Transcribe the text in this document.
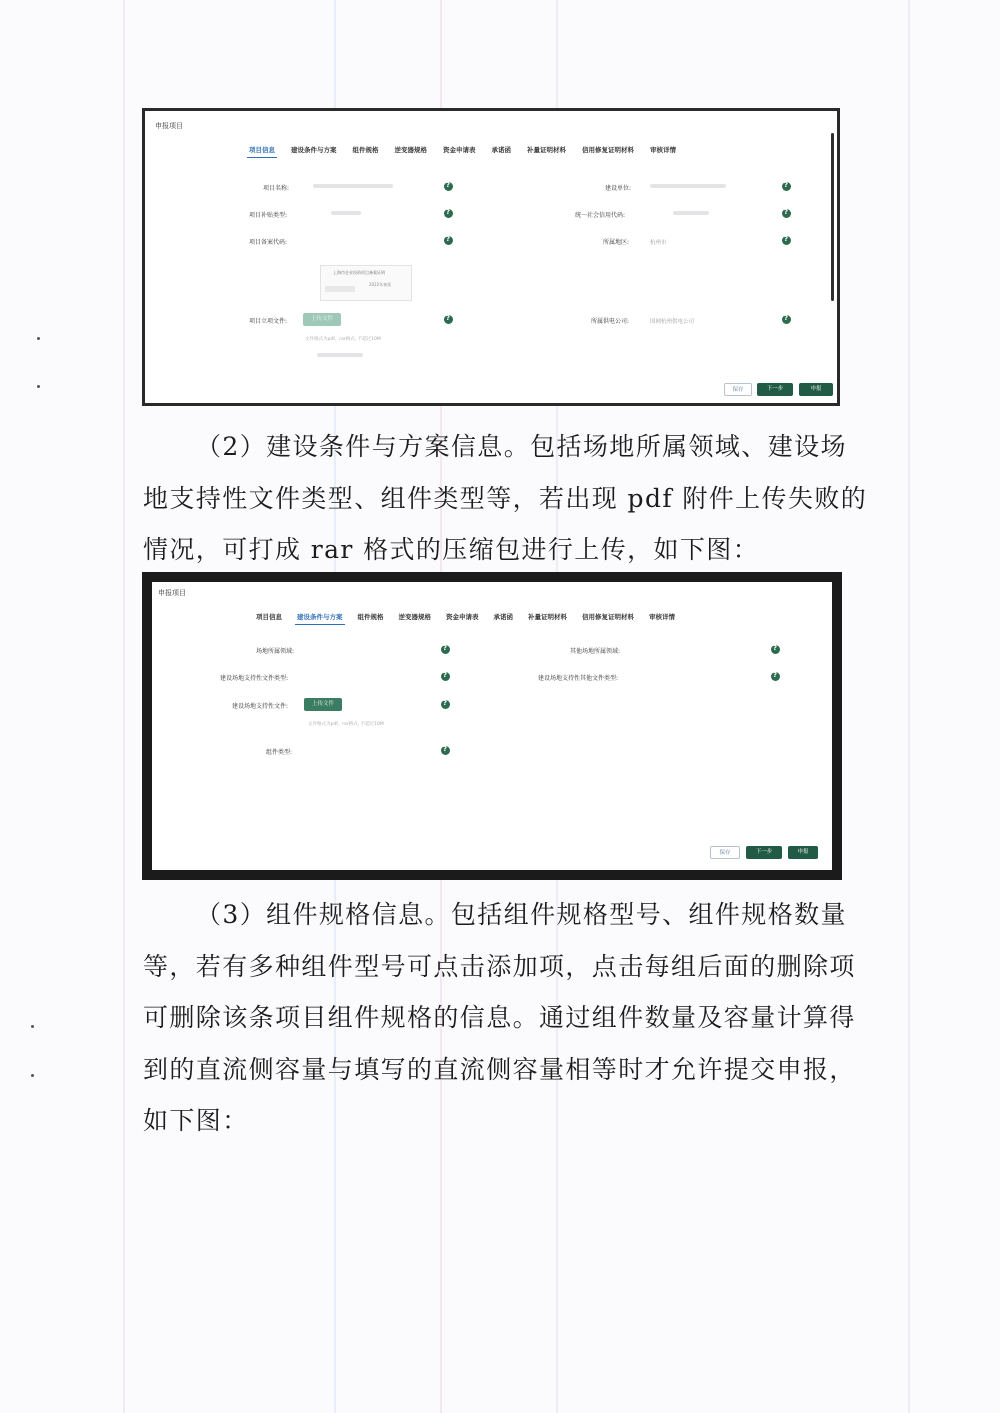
申报项目
项目信息 建设条件与方案 组件规格 逆变器规格 资金申请表 承诺函 补量证明材料 信用修复证明材料 审核详情
项目名称:
?
项目补贴类型:
?
项目备案代码:
?
上海市企业投资项目备案证明
2022年备案
项目立项文件:	上传文件
?
文件格式为pdf、rar格式, 不超过10M
建设单位:
?
统一社会信用代码:
?
所属地区:	杭州市
?
所属供电公司:	国网杭州供电公司
?
保存	下一步	申报

（2）建设条件与方案信息。包括场地所属领域、建设场

地支持性文件类型、组件类型等，若出现 pdf 附件上传失败的

情况，可打成 rar 格式的压缩包进行上传，如下图：

申报项目
项目信息 建设条件与方案 组件规格 逆变器规格 资金申请表 承诺函 补量证明材料 信用修复证明材料 审核详情
场地所属领域:
?
建设场地支持性文件类型:
?
建设场地支持性文件:	上传文件
?
文件格式为pdf、rar格式, 不超过10M
组件类型:
?
其他场地所属领域:
?
建设场地支持性其他文件类型:
?
保存	下一步	申报

（3）组件规格信息。包括组件规格型号、组件规格数量

等，若有多种组件型号可点击添加项，点击每组后面的删除项

可删除该条项目组件规格的信息。通过组件数量及容量计算得

到的直流侧容量与填写的直流侧容量相等时才允许提交申报，

如下图：
